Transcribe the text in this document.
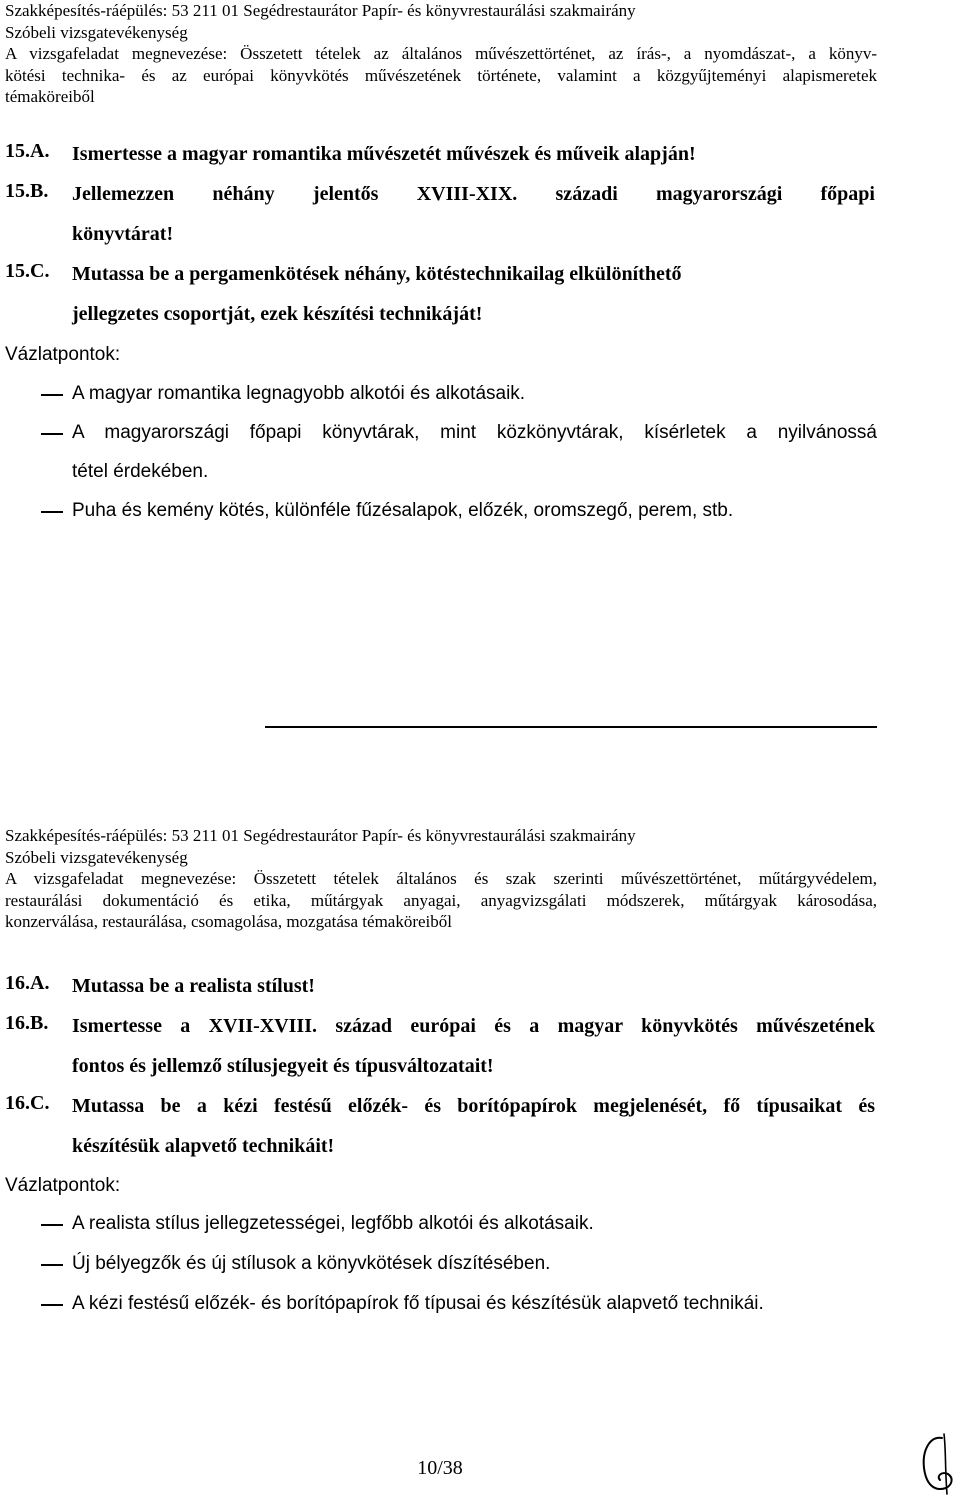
Szakképesítés-ráépülés: 53 211 01 Segédrestaurátor Papír- és könyvrestaurálási szakmairány
Szóbeli vizsgatevékenység
A vizsgafeladat megnevezése: Összetett tételek az általános művészettörténet, az írás-, a nyomdászat-, a könyv-
kötési technika- és az európai könyvkötés művészetének története, valamint a közgyűjteményi alapismeretek
témaköreiből
15.A. Ismertesse a magyar romantika művészetét művészek és műveik alapján!
15.B. Jellemezzen néhány jelentős XVIII-XIX. századi magyarországi főpapi
könyvtárat!
15.C. Mutassa be a pergamenkötések néhány, kötéstechnikailag elkülöníthető
jellegzetes csoportját, ezek készítési technikáját!
Vázlatpontok:
A magyar romantika legnagyobb alkotói és alkotásaik.
A magyarországi főpapi könyvtárak, mint közkönyvtárak, kísérletek a nyilvánossá
tétel érdekében.
Puha és kemény kötés, különféle fűzésalapok, előzék, oromszegő, perem, stb.
Szakképesítés-ráépülés: 53 211 01 Segédrestaurátor Papír- és könyvrestaurálási szakmairány
Szóbeli vizsgatevékenység
A vizsgafeladat megnevezése: Összetett tételek általános és szak szerinti művészettörténet, műtárgyvédelem,
restaurálási dokumentáció és etika, műtárgyak anyagai, anyagvizsgálati módszerek, műtárgyak károsodása,
konzerválása, restaurálása, csomagolása, mozgatása témaköreiből
16.A. Mutassa be a realista stílust!
16.B. Ismertesse a XVII-XVIII. század európai és a magyar könyvkötés művészetének
fontos és jellemző stílusjegyeit és típusváltozatait!
16.C. Mutassa be a kézi festésű előzék- és borítópapírok megjelenését, fő típusaikat és
készítésük alapvető technikáit!
Vázlatpontok:
A realista stílus jellegzetességei, legfőbb alkotói és alkotásaik.
Új bélyegzők és új stílusok a könyvkötések díszítésében.
A kézi festésű előzék- és borítópapírok fő típusai és készítésük alapvető technikái.
10/38
